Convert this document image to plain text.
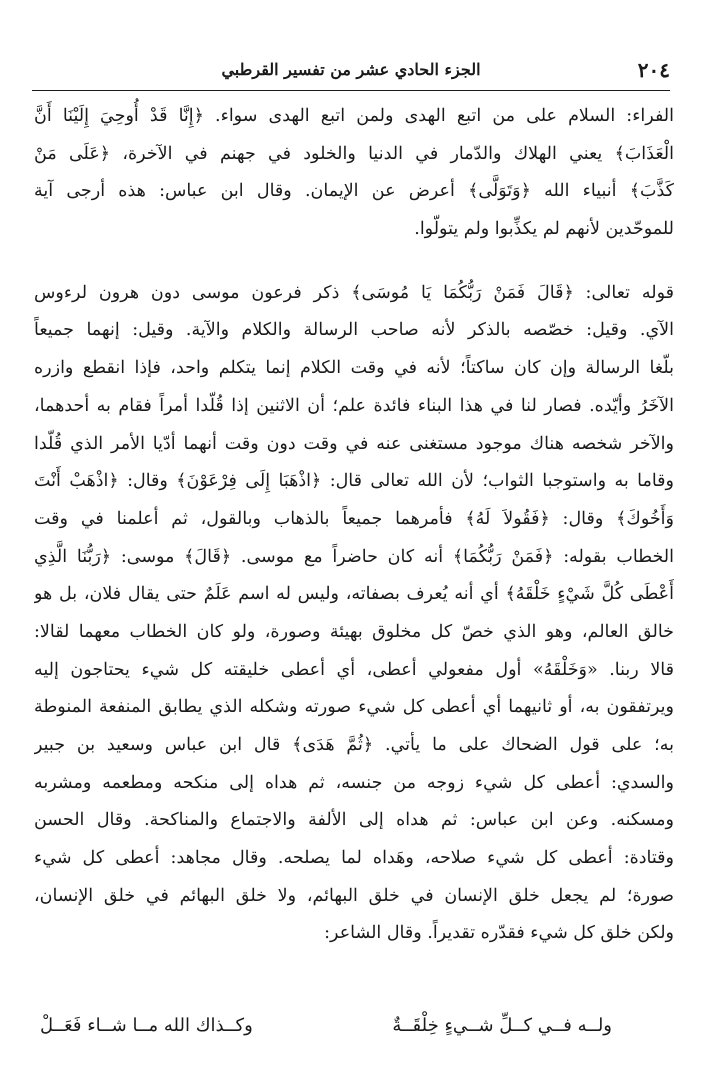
٢٠٤
الجزء الحادي عشر من تفسير القرطبي
الفراء: السلام على من اتبع الهدى ولمن اتبع الهدى سواء. ﴿إِنَّا قَدْ أُوحِيَ إِلَيْنَا أَنَّ
الْعَذَابَ﴾ يعني الهلاك والدّمار في الدنيا والخلود في جهنم في الآخرة، ﴿عَلَى مَنْ
كَذَّبَ﴾ أنبياء الله ﴿وَتَوَلَّى﴾ أعرض عن الإيمان. وقال ابن عباس: هذه أرجى آية
للموحّدين لأنهم لم يكذِّبوا ولم يتولّوا.
قوله تعالى: ﴿قَالَ فَمَنْ رَبُّكُمَا يَا مُوسَى﴾ ذكر فرعون موسى دون هرون لرءوس
الآي. وقيل: خصّصه بالذكر لأنه صاحب الرسالة والكلام والآية. وقيل: إنهما جميعاً
بلّغا الرسالة وإن كان ساكتاً؛ لأنه في وقت الكلام إنما يتكلم واحد، فإذا انقطع وازره
الآخَرُ وأيّده. فصار لنا في هذا البناء فائدة علم؛ أن الاثنين إذا قُلّدا أمراً فقام به أحدهما،
والآخر شخصه هناك موجود مستغنى عنه في وقت دون وقت أنهما أدّيا الأمر الذي قُلّدا
وقاما به واستوجبا الثواب؛ لأن الله تعالى قال: ﴿اذْهَبَا إِلَى فِرْعَوْنَ﴾ وقال: ﴿اذْهَبْ أَنْتَ
وَأَخُوكَ﴾ وقال: ﴿فَقُولاَ لَهُ﴾ فأمرهما جميعاً بالذهاب وبالقول، ثم أعلمنا في وقت
الخطاب بقوله: ﴿فَمَنْ رَبُّكُمَا﴾ أنه كان حاضراً مع موسى. ﴿قَالَ﴾ موسى: ﴿رَبُّنَا الَّذِي
أَعْطَى كُلَّ شَيْءٍ خَلْقَهُ﴾ أي أنه يُعرف بصفاته، وليس له اسم عَلَمٌ حتى يقال فلان، بل هو
خالق العالم، وهو الذي خصّ كل مخلوق بهيئة وصورة، ولو كان الخطاب معهما لقالا:
قالا ربنا. «وَخَلْقَهُ» أول مفعولي أعطى، أي أعطى خليقته كل شيء يحتاجون إليه
ويرتفقون به، أو ثانيهما أي أعطى كل شيء صورته وشكله الذي يطابق المنفعة المنوطة
به؛ على قول الضحاك على ما يأتي. ﴿ثُمَّ هَدَى﴾ قال ابن عباس وسعيد بن جبير
والسدي: أعطى كل شيء زوجه من جنسه، ثم هداه إلى منكحه ومطعمه ومشربه
ومسكنه. وعن ابن عباس: ثم هداه إلى الألفة والاجتماع والمناكحة. وقال الحسن
وقتادة: أعطى كل شيء صلاحه، وهَداه لما يصلحه. وقال مجاهد: أعطى كل شيء
صورة؛ لم يجعل خلق الإنسان في خلق البهائم، ولا خلق البهائم في خلق الإنسان،
ولكن خلق كل شيء فقدّره تقديراً. وقال الشاعر:
ولــه فــي كــلِّ شــيءٍ خِلْقَــةٌ
وكــذاك الله مــا شــاء فَعَــلْ
